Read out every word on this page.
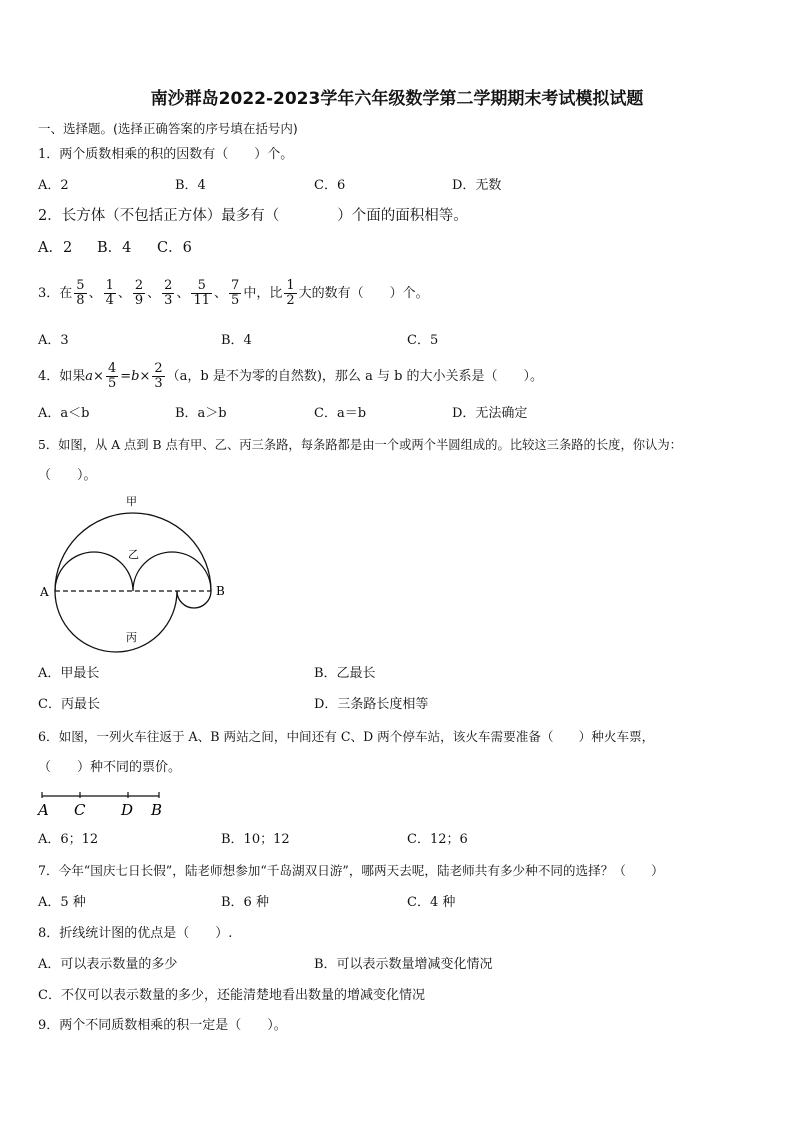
南沙群岛2022-2023学年六年级数学第二学期期末考试模拟试题
一、选择题。(选择正确答案的序号填在括号内)
1．两个质数相乘的积的因数有（　　）个。
A．2	B．4	C．6	D．无数
2．长方体（不包括正方体）最多有（　　　　）个面的面积相等。
A．2 B．4 C．6
3．在 $\frac{5}{8}$ 、 $\frac{1}{4}$ 、 $\frac{2}{9}$ 、 $\frac{2}{3}$ 、 $\frac{5}{11}$ 、 $\frac{7}{5}$ 中，比 $\frac{1}{2}$ 大的数有（　　）个。
A．3	B．4	C．5
4．如果$a\times \frac{4}{5} =b\times \frac{2}{3} (a$，b 是不为零的自然数)，那么 a 与 b 的大小关系是（　　）。
A．a＜b	B．a＞b	C．a＝b	D．无法确定
5．如图，从 A 点到 B 点有甲、乙、丙三条路，每条路都是由一个或两个半圆组成的。比较这三条路的长度，你认为：
（　　）。
甲
乙
丙
A	B
A．甲最长	B．乙最长
C．丙最长	D．三条路长度相等
6．如图，一列火车往返于 A、B 两站之间，中间还有 C、D 两个停车站，该火车需要准备（　　）种火车票，
（　　）种不同的票价。
A C D B
A．6；12	B．10；12	C．12；6
7．今年“国庆七日长假”，陆老师想参加“千岛湖双日游”，哪两天去呢，陆老师共有多少种不同的选择？（　　）
A．5 种	B．6 种	C．4 种
8．折线统计图的优点是（　　）.
A．可以表示数量的多少	B．可以表示数量增减变化情况
C．不仅可以表示数量的多少，还能清楚地看出数量的增减变化情况
9．两个不同质数相乘的积一定是（　　）。
